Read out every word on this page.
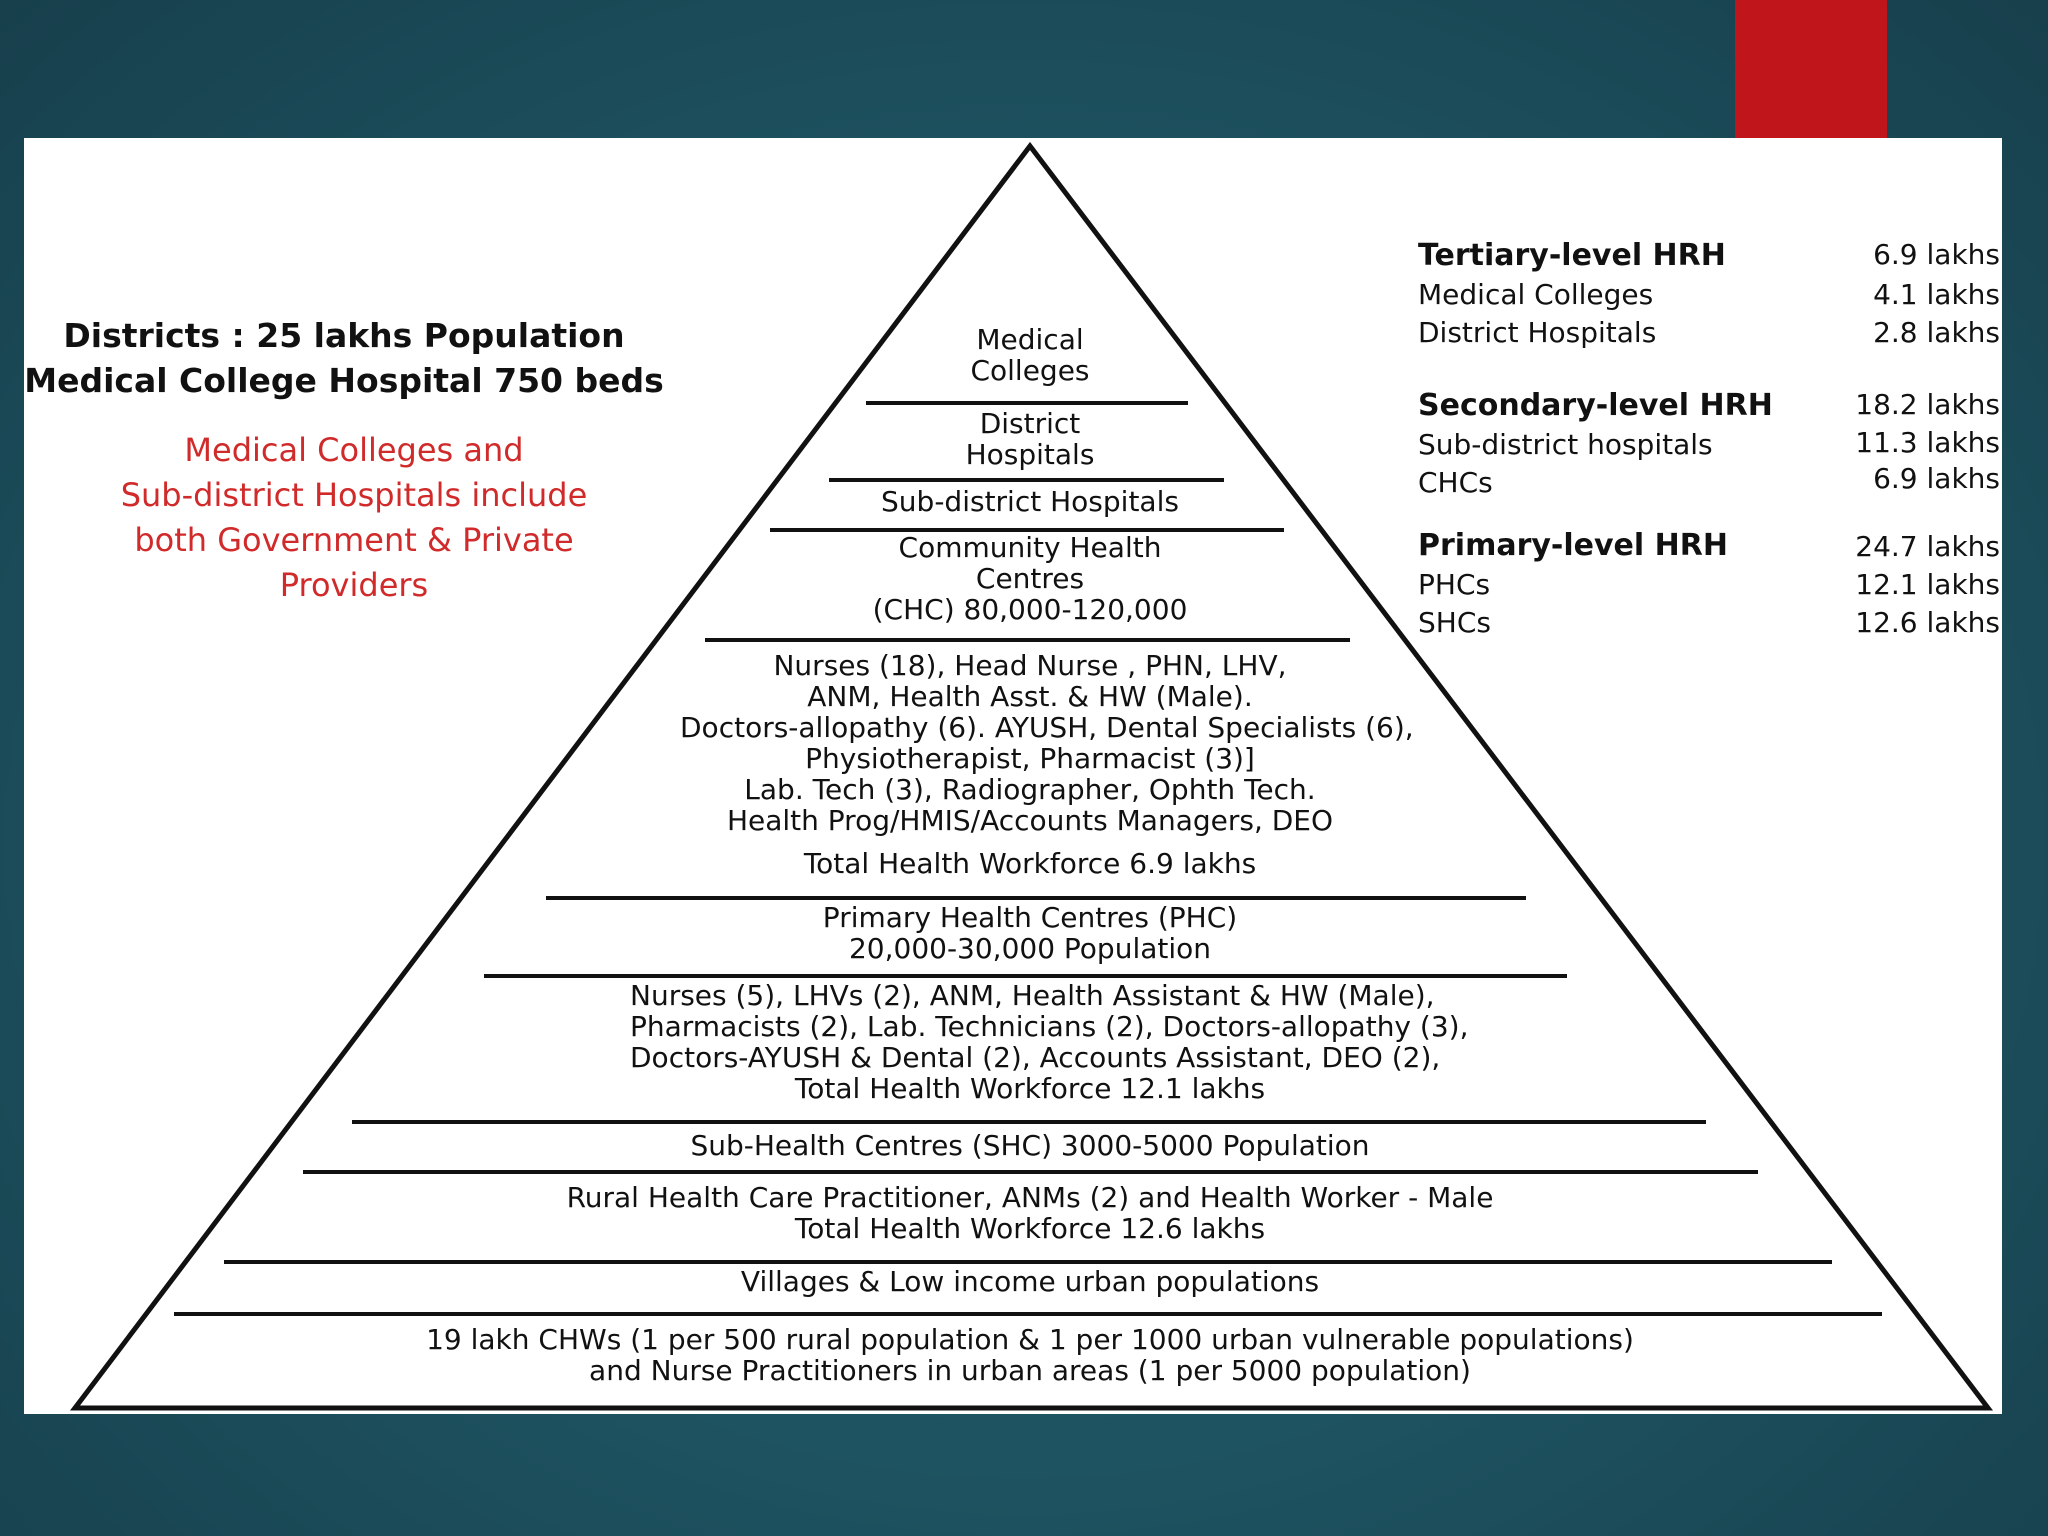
Districts : 25 lakhs Population
Medical College Hospital 750 beds
Medical Colleges and
Sub-district Hospitals include
both Government & Private
Providers
Medical
Colleges
District
Hospitals
Sub-district Hospitals
Community Health
Centres
(CHC) 80,000-120,000
Nurses (18), Head Nurse , PHN, LHV,
ANM, Health Asst. & HW (Male).
Doctors-allopathy (6). AYUSH, Dental Specialists (6),
Physiotherapist, Pharmacist (3)]
Lab. Tech (3), Radiographer, Ophth Tech.
Health Prog/HMIS/Accounts Managers, DEO
Total Health Workforce 6.9 lakhs
Primary Health Centres (PHC)
20,000-30,000 Population
Nurses (5), LHVs (2), ANM, Health Assistant & HW (Male),
Pharmacists (2), Lab. Technicians (2), Doctors-allopathy (3),
Doctors-AYUSH & Dental (2), Accounts Assistant, DEO (2),
Total Health Workforce 12.1 lakhs
Sub-Health Centres (SHC) 3000-5000 Population
Rural Health Care Practitioner, ANMs (2) and Health Worker - Male
Total Health Workforce 12.6 lakhs
Villages & Low income urban populations
19 lakh CHWs (1 per 500 rural population & 1 per 1000 urban vulnerable populations)
and Nurse Practitioners in urban areas (1 per 5000 population)
Tertiary-level HRH	6.9 lakhs
Medical Colleges	4.1 lakhs
District Hospitals	2.8 lakhs
Secondary-level HRH	18.2 lakhs
Sub-district hospitals	11.3 lakhs
CHCs	6.9 lakhs
Primary-level HRH	24.7 lakhs
PHCs	12.1 lakhs
SHCs	12.6 lakhs
